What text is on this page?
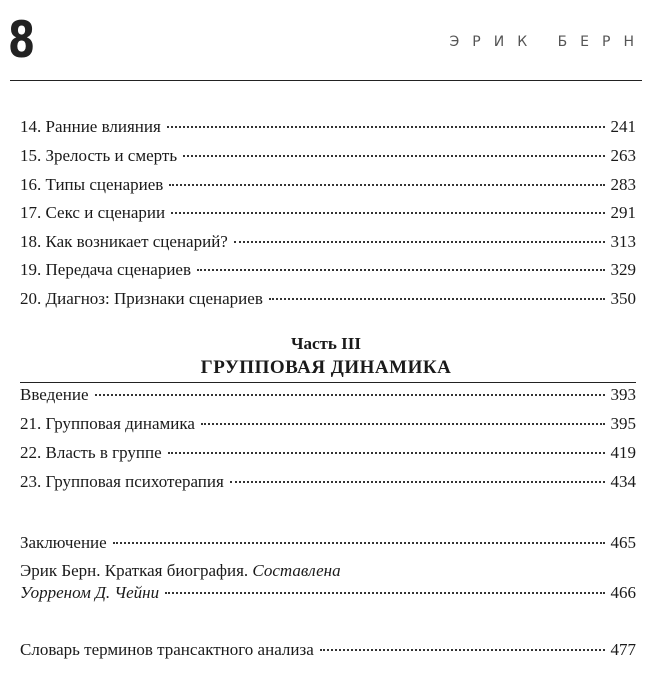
8	ЭРИК БЕРН
14. Ранние влияния	241
15. Зрелость и смерть	263
16. Типы сценариев	283
17. Секс и сценарии	291
18. Как возникает сценарий?	313
19. Передача сценариев	329
20. Диагноз: Признаки сценариев	350
Часть III
ГРУППОВАЯ ДИНАМИКА
Введение	393
21. Групповая динамика	395
22. Власть в группе	419
23. Групповая психотерапия	434
Заключение	465
Эрик Берн. Краткая биография. Составлена
Уорреном Д. Чейни	466
Словарь терминов трансактного анализа	477
